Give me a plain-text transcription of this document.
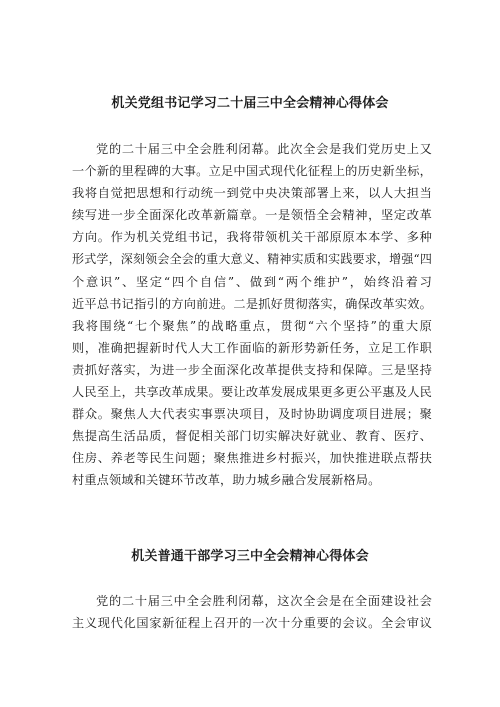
机关党组书记学习二十届三中全会精神心得体会
党的二十届三中全会胜利闭幕。此次全会是我们党历史上又
一个新的里程碑的大事。立足中国式现代化征程上的历史新坐标，
我将自觉把思想和行动统一到党中央决策部署上来，以人大担当
续写进一步全面深化改革新篇章。一是领悟全会精神，坚定改革
方向。作为机关党组书记，我将带领机关干部原原本本学、多种
形式学，深刻领会全会的重大意义、精神实质和实践要求，增强“四
个意识”、坚定“四个自信”、做到“两个维护”，始终沿着习
近平总书记指引的方向前进。二是抓好贯彻落实，确保改革实效。
我将围绕“七个聚焦”的战略重点，贯彻“六个坚持”的重大原
则，准确把握新时代人大工作面临的新形势新任务，立足工作职
责抓好落实，为进一步全面深化改革提供支持和保障。三是坚持
人民至上，共享改革成果。要让改革发展成果更多更公平惠及人民
群众。聚焦人大代表实事票决项目，及时协助调度项目进展；聚
焦提高生活品质，督促相关部门切实解决好就业、教育、医疗、
住房、养老等民生问题；聚焦推进乡村振兴，加快推进联点帮扶
村重点领域和关键环节改革，助力城乡融合发展新格局。
机关普通干部学习三中全会精神心得体会
党的二十届三中全会胜利闭幕，这次全会是在全面建设社会
主义现代化国家新征程上召开的一次十分重要的会议。全会审议
